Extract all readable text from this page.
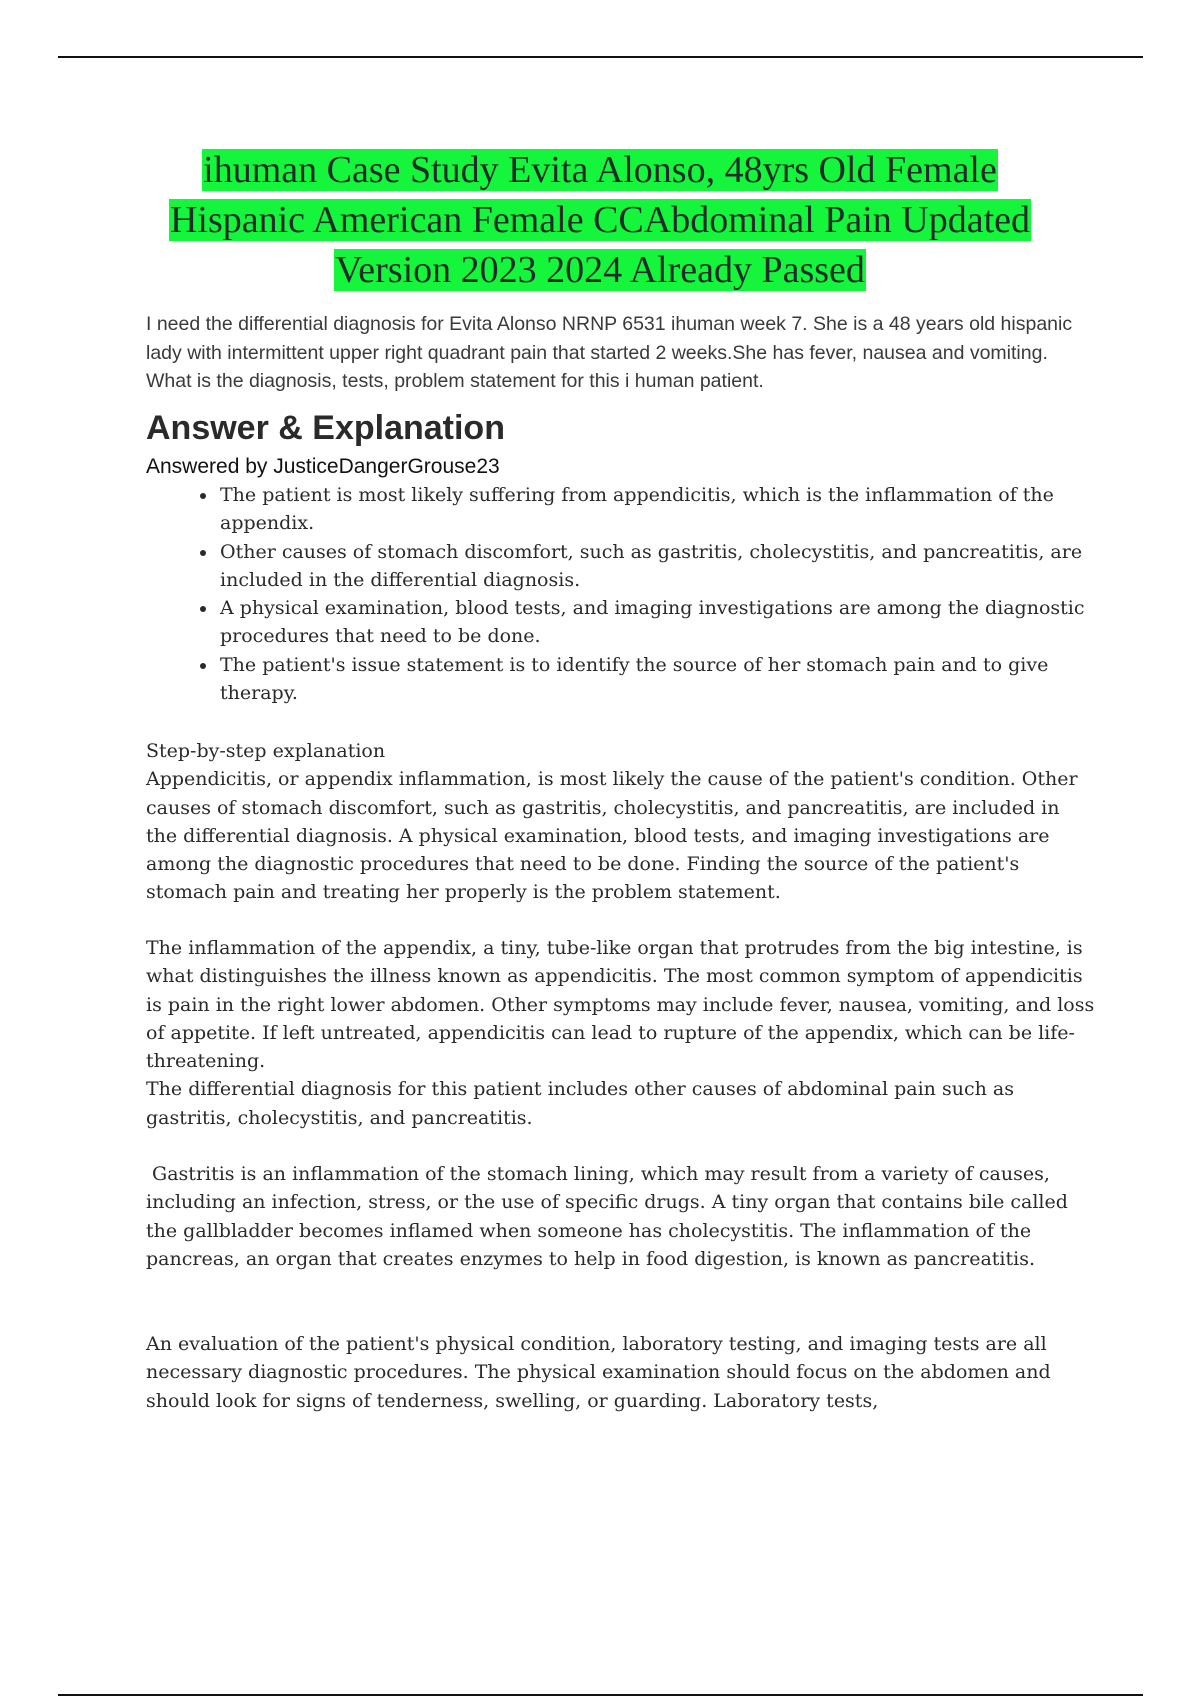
ihuman Case Study Evita Alonso, 48yrs Old Female
Hispanic American Female CCAbdominal Pain Updated
Version 2023 2024 Already Passed

I need the differential diagnosis for Evita Alonso NRNP 6531 ihuman week 7. She is a 48 years old hispanic lady with intermittent upper right quadrant pain that started 2 weeks.She has fever, nausea and vomiting. What is the diagnosis, tests, problem statement for this i human patient.

Answer & Explanation
Answered by JusticeDangerGrouse23
• The patient is most likely suffering from appendicitis, which is the inflammation of the appendix.
• Other causes of stomach discomfort, such as gastritis, cholecystitis, and pancreatitis, are included in the differential diagnosis.
• A physical examination, blood tests, and imaging investigations are among the diagnostic procedures that need to be done.
• The patient's issue statement is to identify the source of her stomach pain and to give therapy.
Step-by-step explanation
Appendicitis, or appendix inflammation, is most likely the cause of the patient's condition. Other causes of stomach discomfort, such as gastritis, cholecystitis, and pancreatitis, are included in the differential diagnosis. A physical examination, blood tests, and imaging investigations are among the diagnostic procedures that need to be done. Finding the source of the patient's stomach pain and treating her properly is the problem statement.
The inflammation of the appendix, a tiny, tube-like organ that protrudes from the big intestine, is what distinguishes the illness known as appendicitis. The most common symptom of appendicitis is pain in the right lower abdomen. Other symptoms may include fever, nausea, vomiting, and loss of appetite. If left untreated, appendicitis can lead to rupture of the appendix, which can be life-threatening.
The differential diagnosis for this patient includes other causes of abdominal pain such as gastritis, cholecystitis, and pancreatitis.
Gastritis is an inflammation of the stomach lining, which may result from a variety of causes, including an infection, stress, or the use of specific drugs. A tiny organ that contains bile called the gallbladder becomes inflamed when someone has cholecystitis. The inflammation of the pancreas, an organ that creates enzymes to help in food digestion, is known as pancreatitis.
An evaluation of the patient's physical condition, laboratory testing, and imaging tests are all necessary diagnostic procedures. The physical examination should focus on the abdomen and should look for signs of tenderness, swelling, or guarding. Laboratory tests,
